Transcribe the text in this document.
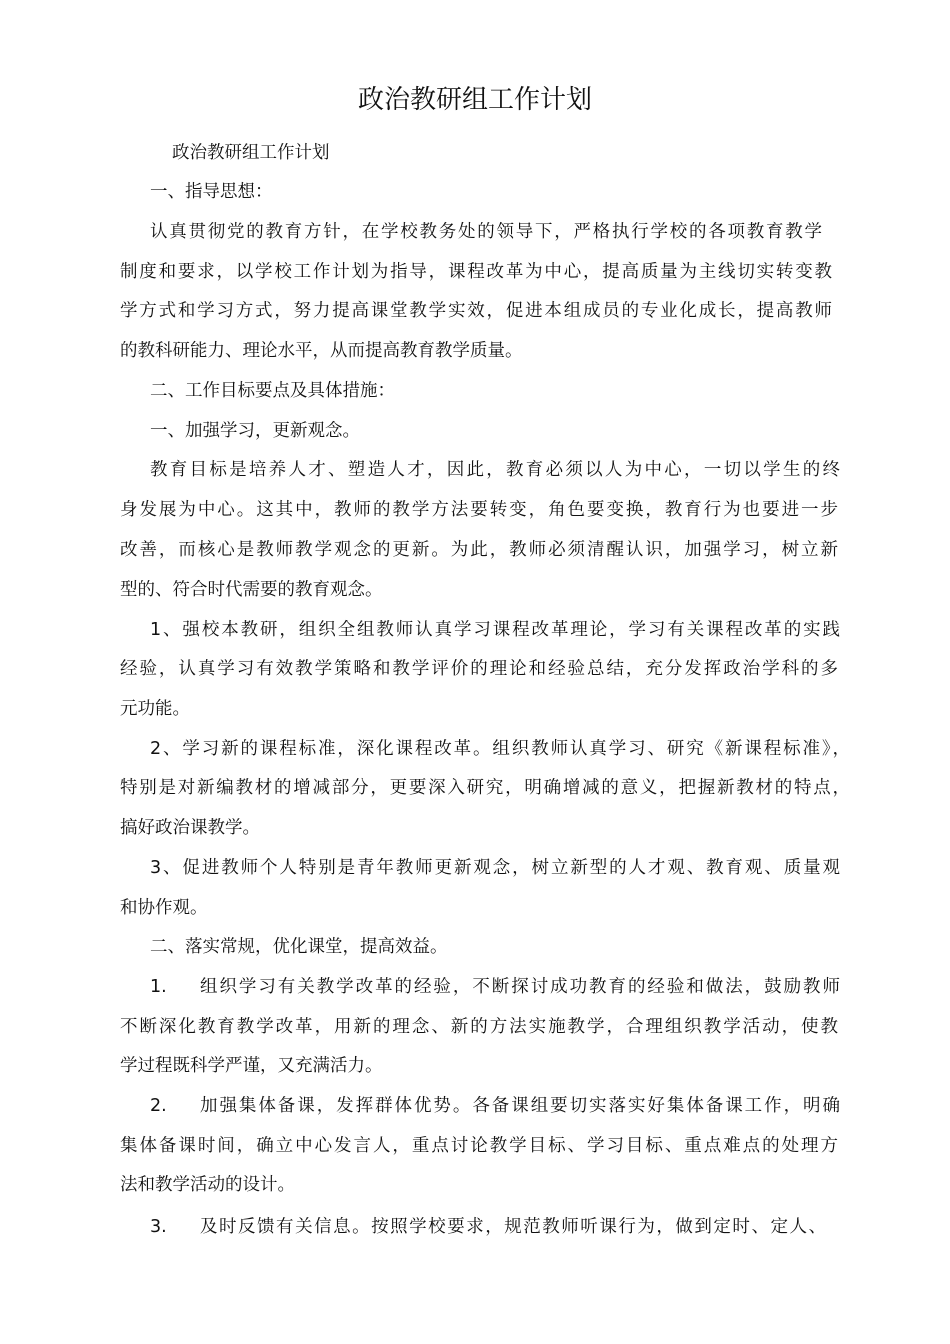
政治教研组工作计划

政治教研组工作计划

一、指导思想：

认真贯彻党的教育方针，在学校教务处的领导下，严格执行学校的各项教育教学

制度和要求，以学校工作计划为指导，课程改革为中心，提高质量为主线切实转变教

学方式和学习方式，努力提高课堂教学实效，促进本组成员的专业化成长，提高教师

的教科研能力、理论水平，从而提高教育教学质量。

二、工作目标要点及具体措施：

一、加强学习，更新观念。

教育目标是培养人才、塑造人才，因此，教育必须以人为中心，一切以学生的终

身发展为中心。这其中，教师的教学方法要转变，角色要变换，教育行为也要进一步

改善，而核心是教师教学观念的更新。为此，教师必须清醒认识，加强学习，树立新

型的、符合时代需要的教育观念。

1、强校本教研，组织全组教师认真学习课程改革理论，学习有关课程改革的实践

经验，认真学习有效教学策略和教学评价的理论和经验总结，充分发挥政治学科的多

元功能。

2、学习新的课程标准，深化课程改革。组织教师认真学习、研究《新课程标准》，

特别是对新编教材的增减部分，更要深入研究，明确增减的意义，把握新教材的特点，

搞好政治课教学。

3、促进教师个人特别是青年教师更新观念，树立新型的人才观、教育观、质量观

和协作观。

二、落实常规，优化课堂，提高效益。

1. 组织学习有关教学改革的经验，不断探讨成功教育的经验和做法，鼓励教师

不断深化教育教学改革，用新的理念、新的方法实施教学，合理组织教学活动，使教

学过程既科学严谨，又充满活力。

2. 加强集体备课，发挥群体优势。各备课组要切实落实好集体备课工作，明确

集体备课时间，确立中心发言人，重点讨论教学目标、学习目标、重点难点的处理方

法和教学活动的设计。

3. 及时反馈有关信息。按照学校要求，规范教师听课行为，做到定时、定人、
